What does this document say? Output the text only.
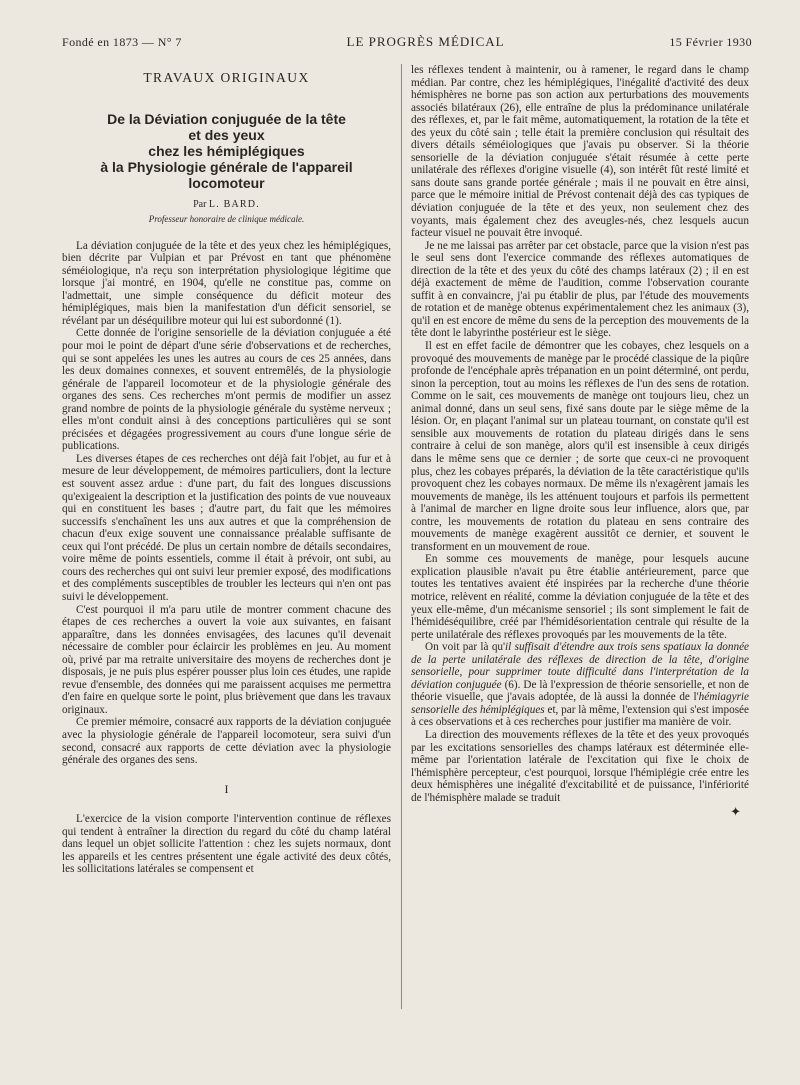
Fondé en 1873 — N° 7	LE PROGRÈS MÉDICAL	15 Février 1930
TRAVAUX ORIGINAUX
De la Déviation conjuguée de la tête
et des yeux
chez les hémiplégiques
à la Physiologie générale de l'appareil
locomoteur
Par L. BARD.
Professeur honoraire de clinique médicale.

La déviation conjuguée de la tête et des yeux chez les hémiplégiques, bien décrite par Vulpian et par Prévost en tant que phénomène séméiologique, n'a reçu son interprétation physiologique légitime que lorsque j'ai montré, en 1904, qu'elle ne constitue pas, comme on l'admettait, une simple conséquence du déficit moteur des hémiplégiques, mais bien la manifestation d'un déficit sensoriel, se révélant par un déséquilibre moteur qui lui est subordonné (1).

Cette donnée de l'origine sensorielle de la déviation conjuguée a été pour moi le point de départ d'une série d'observations et de recherches, qui se sont appelées les unes les autres au cours de ces 25 années, dans les deux domaines connexes, et souvent entremêlés, de la physiologie générale de l'appareil locomoteur et de la physiologie générale des organes des sens. Ces recherches m'ont permis de modifier un assez grand nombre de points de la physiologie générale du système nerveux ; elles m'ont conduit ainsi à des conceptions particulières qui se sont précisées et dégagées progressivement au cours d'une longue série de publications.

Les diverses étapes de ces recherches ont déjà fait l'objet, au fur et à mesure de leur développement, de mémoires particuliers, dont la lecture est souvent assez ardue : d'une part, du fait des longues discussions qu'exigeaient la description et la justification des points de vue nouveaux qui en constituent les bases ; d'autre part, du fait que les mémoires successifs s'enchaînent les uns aux autres et que la compréhension de chacun d'eux exige souvent une connaissance préalable suffisante de ceux qui l'ont précédé. De plus un certain nombre de détails secondaires, voire même de points essentiels, comme il était à prévoir, ont subi, au cours des recherches qui ont suivi leur premier exposé, des modifications et des compléments susceptibles de troubler les lecteurs qui n'en ont pas suivi le développement.

C'est pourquoi il m'a paru utile de montrer comment chacune des étapes de ces recherches a ouvert la voie aux suivantes, en faisant apparaître, dans les données envisagées, des lacunes qu'il devenait nécessaire de combler pour éclaircir les problèmes en jeu. Au moment où, privé par ma retraite universitaire des moyens de recherches dont je disposais, je ne puis plus espérer pousser plus loin ces études, une rapide revue d'ensemble, des données qui me paraissent acquises me permettra d'en faire en quelque sorte le point, plus brièvement que dans les travaux originaux.

Ce premier mémoire, consacré aux rapports de la déviation conjuguée avec la physiologie générale de l'appareil locomoteur, sera suivi d'un second, consacré aux rapports de cette déviation avec la physiologie générale des organes des sens.

I

L'exercice de la vision comporte l'intervention continue de réflexes qui tendent à entraîner la direction du regard du côté du champ latéral dans lequel un objet sollicite l'attention : chez les sujets normaux, dont les appareils et les centres présentent une égale activité des deux côtés, les sollicitations latérales se compensent et

les réflexes tendent à maintenir, ou à ramener, le regard dans le champ médian. Par contre, chez les hémiplégiques, l'inégalité d'activité des deux hémisphères ne borne pas son action aux perturbations des mouvements associés bilatéraux (26), elle entraîne de plus la prédominance unilatérale des réflexes, et, par le fait même, automatiquement, la rotation de la tête et des yeux du côté sain ; telle était la première conclusion qui résultait des divers détails séméiologiques que j'avais pu observer. Si la théorie sensorielle de la déviation conjuguée s'était résumée à cette perte unilatérale des réflexes d'origine visuelle (4), son intérêt fût resté limité et sans doute sans grande portée générale ; mais il ne pouvait en être ainsi, parce que le mémoire initial de Prévost contenait déjà des cas typiques de déviation conjuguée de la tête et des yeux, non seulement chez des voyants, mais également chez des aveugles-nés, chez lesquels aucun facteur visuel ne pouvait être invoqué.

Je ne me laissai pas arrêter par cet obstacle, parce que la vision n'est pas le seul sens dont l'exercice commande des réflexes automatiques de direction de la tête et des yeux du côté des champs latéraux (2) ; il en est déjà exactement de même de l'audition, comme l'observation courante suffit à en convaincre, j'ai pu établir de plus, par l'étude des mouvements de rotation et de manège obtenus expérimentalement chez les animaux (3), qu'il en est encore de même du sens de la perception des mouvements de la tête dont le labyrinthe postérieur est le siège.

Il est en effet facile de démontrer que les cobayes, chez lesquels on a provoqué des mouvements de manège par le procédé classique de la piqûre profonde de l'encéphale après trépanation en un point déterminé, ont perdu, sinon la perception, tout au moins les réflexes de l'un des sens de rotation. Comme on le sait, ces mouvements de manège ont toujours lieu, chez un animal donné, dans un seul sens, fixé sans doute par le siège même de la lésion. Or, en plaçant l'animal sur un plateau tournant, on constate qu'il est sensible aux mouvements de rotation du plateau dirigés dans le sens contraire à celui de son manège, alors qu'il est insensible à ceux dirigés dans le même sens que ce dernier ; de sorte que ceux-ci ne provoquent plus, chez les cobayes préparés, la déviation de la tête caractéristique qu'ils provoquent chez les cobayes normaux. De même ils n'exagèrent jamais les mouvements de manège, ils les atténuent toujours et parfois ils permettent à l'animal de marcher en ligne droite sous leur influence, alors que, par contre, les mouvements de rotation du plateau en sens contraire des mouvements de manège exagèrent aussitôt ce dernier, et souvent le transforment en un mouvement de roue.

En somme ces mouvements de manège, pour lesquels aucune explication plausible n'avait pu être établie antérieurement, parce que toutes les tentatives avaient été inspirées par la recherche d'une théorie motrice, relèvent en réalité, comme la déviation conjuguée de la tête et des yeux elle-même, d'un mécanisme sensoriel ; ils sont simplement le fait de l'hémidéséquilibre, créé par l'hémidésorientation centrale qui résulte de la perte unilatérale des réflexes provoqués par les mouvements de la tête.

On voit par là qu'il suffisait d'étendre aux trois sens spatiaux la donnée de la perte unilatérale des réflexes de direction de la tête, d'origine sensorielle, pour supprimer toute difficulté dans l'interprétation de la déviation conjuguée (6). De là l'expression de théorie sensorielle, et non de théorie visuelle, que j'avais adoptée, de là aussi la donnée de l'hémiagyrie sensorielle des hémiplégiques et, par là même, l'extension qui s'est imposée à ces observations et à ces recherches pour justifier ma manière de voir.

La direction des mouvements réflexes de la tête et des yeux provoqués par les excitations sensorielles des champs latéraux est déterminée elle-même par l'orientation latérale de l'excitation qui fixe le choix de l'hémisphère percepteur, c'est pourquoi, lorsque l'hémiplégie crée entre les deux hémisphères une inégalité d'excitabilité et de puissance, l'infériorité de l'hémisphère malade se traduit

✦
